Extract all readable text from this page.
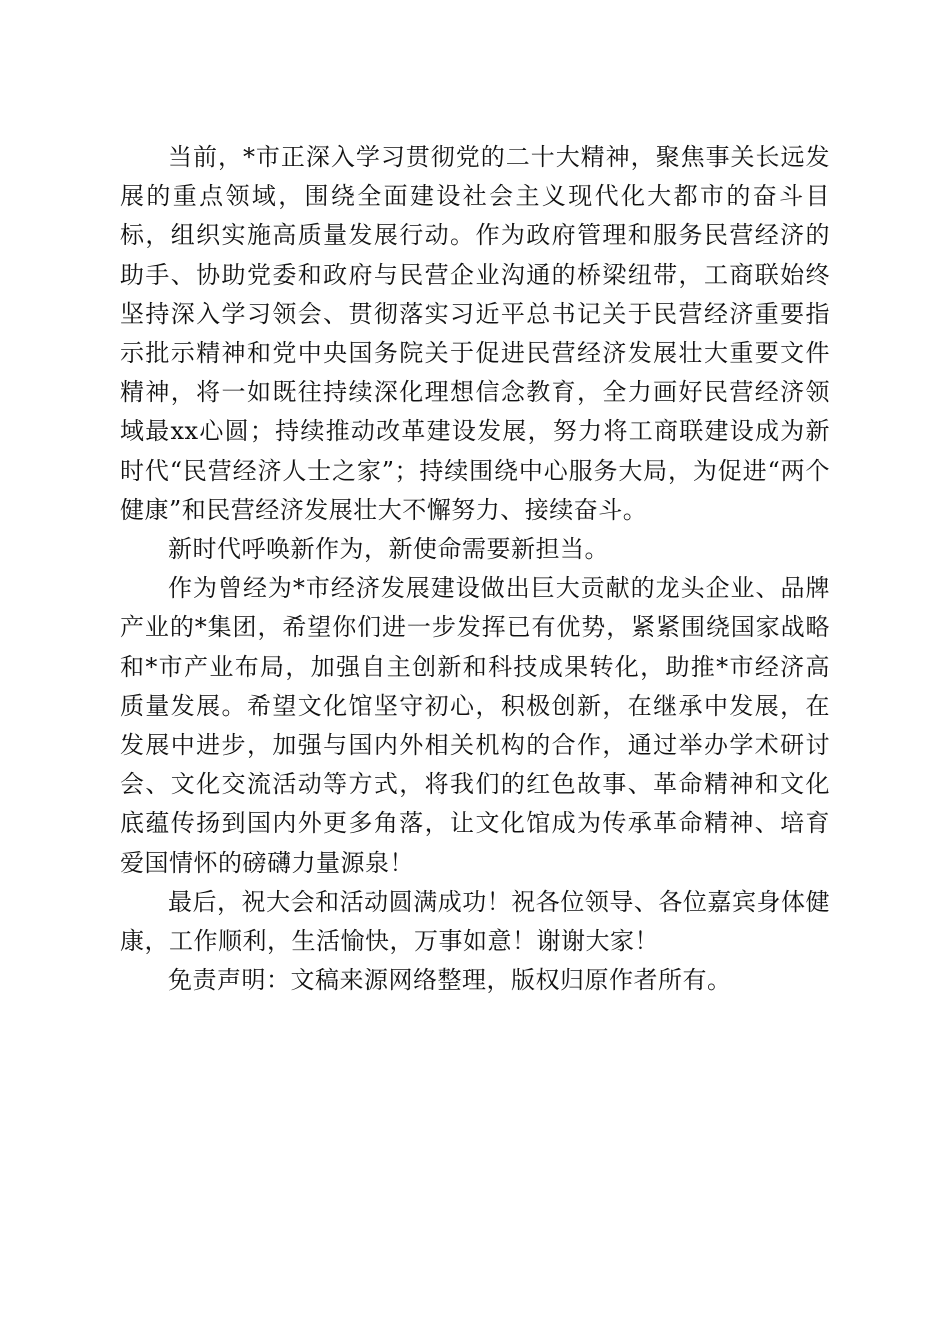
当前，*市正深入学习贯彻党的二十大精神，聚焦事关长远发展的重点领域，围绕全面建设社会主义现代化大都市的奋斗目标，组织实施高质量发展行动。作为政府管理和服务民营经济的助手、协助党委和政府与民营企业沟通的桥梁纽带，工商联始终坚持深入学习领会、贯彻落实习近平总书记关于民营经济重要指示批示精神和党中央国务院关于促进民营经济发展壮大重要文件精神，将一如既往持续深化理想信念教育，全力画好民营经济领域最xx心圆；持续推动改革建设发展，努力将工商联建设成为新时代“民营经济人士之家”；持续围绕中心服务大局，为促进“两个健康”和民营经济发展壮大不懈努力、接续奋斗。

新时代呼唤新作为，新使命需要新担当。

作为曾经为*市经济发展建设做出巨大贡献的龙头企业、品牌产业的*集团，希望你们进一步发挥已有优势，紧紧围绕国家战略和*市产业布局，加强自主创新和科技成果转化，助推*市经济高质量发展。希望文化馆坚守初心，积极创新，在继承中发展，在发展中进步，加强与国内外相关机构的合作，通过举办学术研讨会、文化交流活动等方式，将我们的红色故事、革命精神和文化底蕴传扬到国内外更多角落，让文化馆成为传承革命精神、培育爱国情怀的磅礴力量源泉！

最后，祝大会和活动圆满成功！祝各位领导、各位嘉宾身体健康，工作顺利，生活愉快，万事如意！谢谢大家！

免责声明：文稿来源网络整理，版权归原作者所有。
